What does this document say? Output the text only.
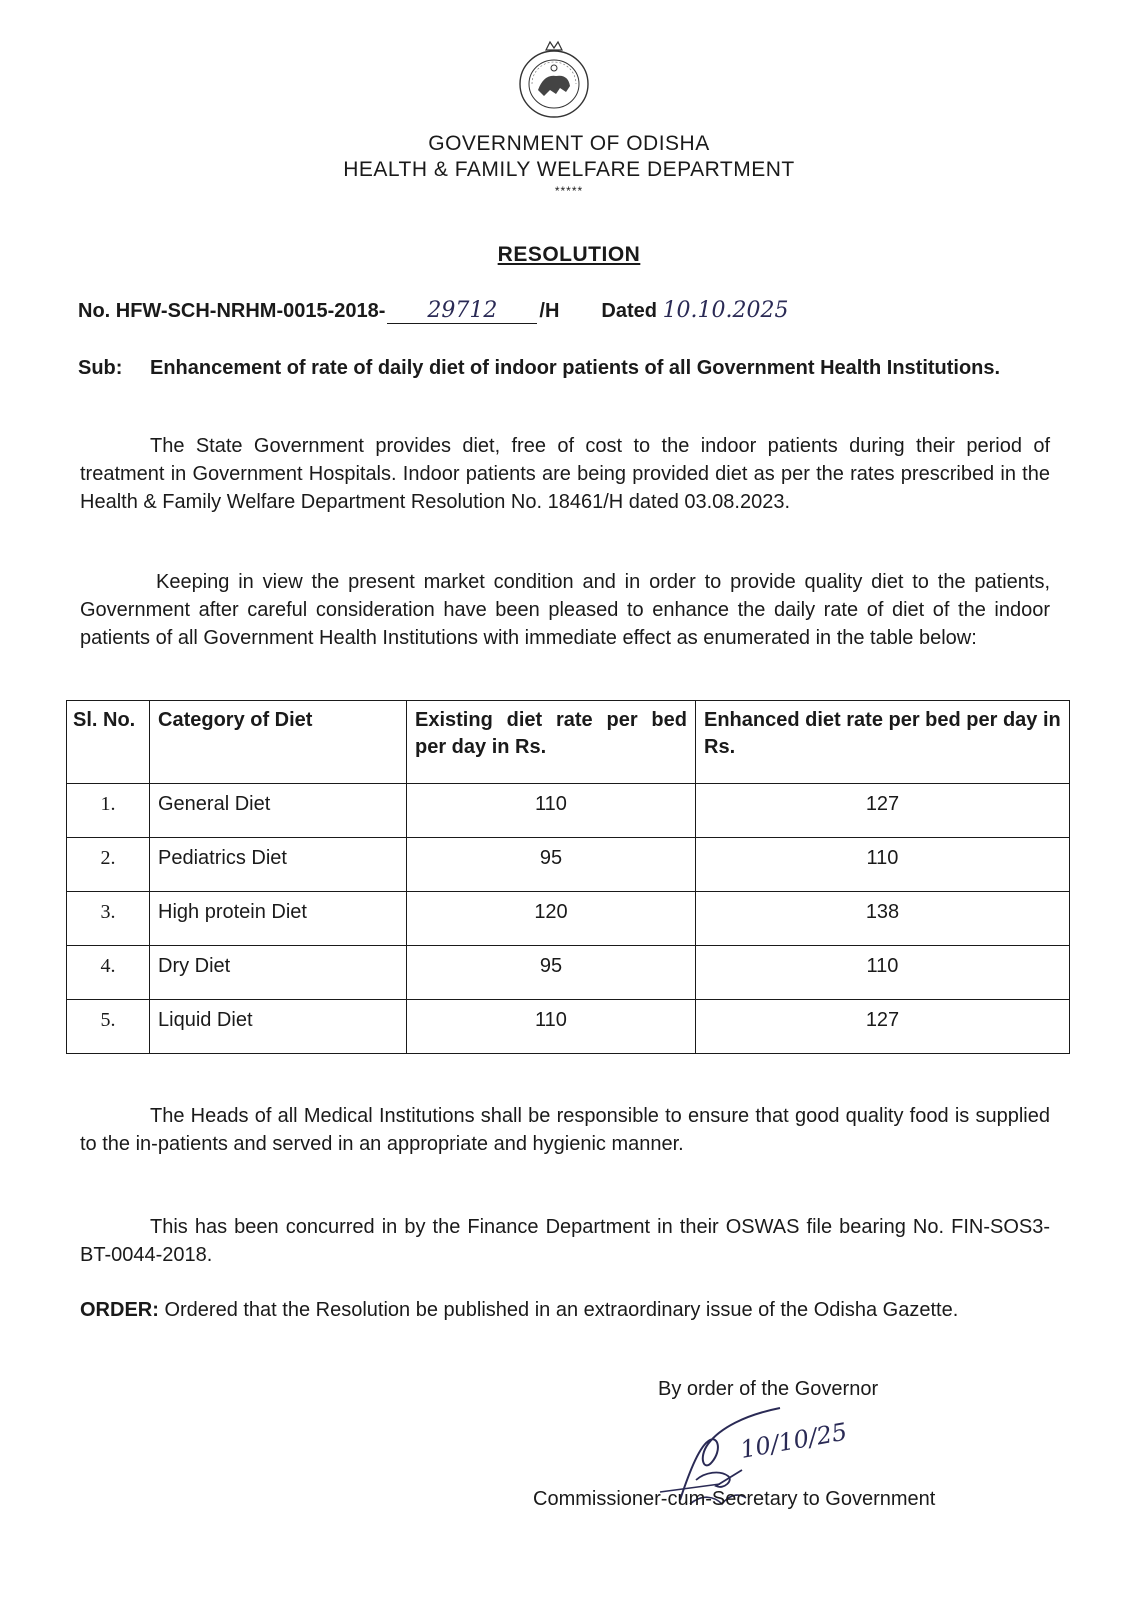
GOVERNMENT OF ODISHA
HEALTH & FAMILY WELFARE DEPARTMENT
*****
RESOLUTION
No. HFW-SCH-NRHM-0015-2018- 29712 /H Dated 10.10.2025
Sub: Enhancement of rate of daily diet of indoor patients of all Government Health Institutions.
The State Government provides diet, free of cost to the indoor patients during their period of treatment in Government Hospitals. Indoor patients are being provided diet as per the rates prescribed in the Health & Family Welfare Department Resolution No. 18461/H dated 03.08.2023.
Keeping in view the present market condition and in order to provide quality diet to the patients, Government after careful consideration have been pleased to enhance the daily rate of diet of the indoor patients of all Government Health Institutions with immediate effect as enumerated in the table below:
Sl. No.	Category of Diet	Existing diet rate per bed per day in Rs.	Enhanced diet rate per bed per day in Rs.
1.	General Diet	110	127
2.	Pediatrics Diet	95	110
3.	High protein Diet	120	138
4.	Dry Diet	95	110
5.	Liquid Diet	110	127
The Heads of all Medical Institutions shall be responsible to ensure that good quality food is supplied to the in-patients and served in an appropriate and hygienic manner.
This has been concurred in by the Finance Department in their OSWAS file bearing No. FIN-SOS3-BT-0044-2018.
ORDER: Ordered that the Resolution be published in an extraordinary issue of the Odisha Gazette.
By order of the Governor
10/10/25
Commissioner-cum-Secretary to Government
